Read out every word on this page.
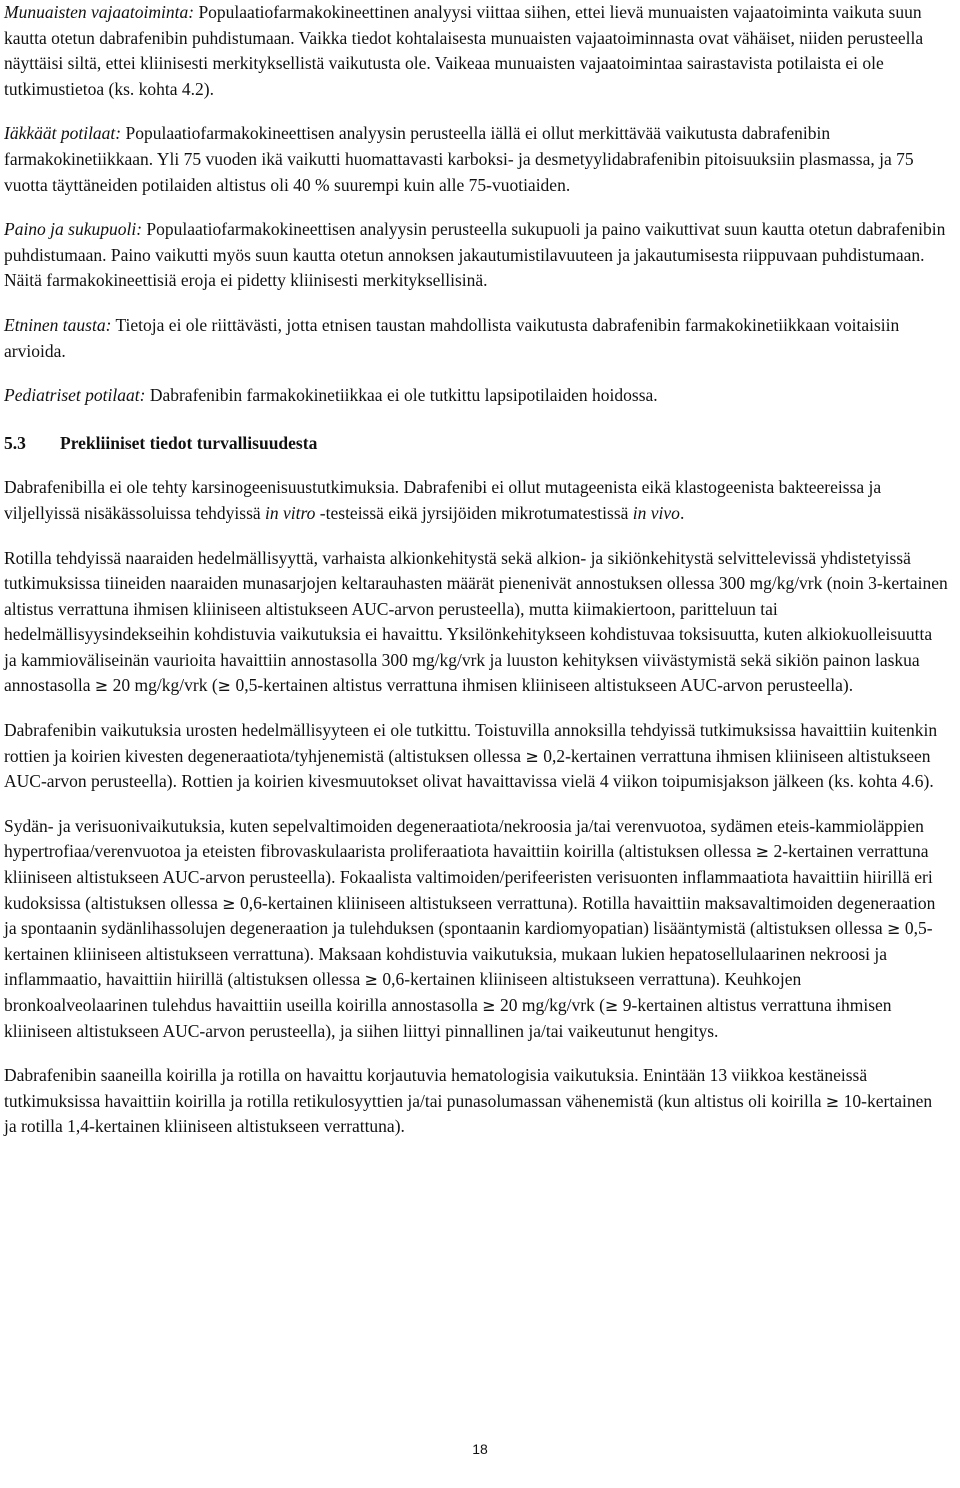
Munuaisten vajaatoiminta: Populaatiofarmakokineettinen analyysi viittaa siihen, ettei lievä munuaisten vajaatoiminta vaikuta suun kautta otetun dabrafenibin puhdistumaan. Vaikka tiedot kohtalaisesta munuaisten vajaatoiminnasta ovat vähäiset, niiden perusteella näyttäisi siltä, ettei kliinisesti merkityksellistä vaikutusta ole. Vaikeaa munuaisten vajaatoimintaa sairastavista potilaista ei ole tutkimustietoa (ks. kohta 4.2).

Iäkkäät potilaat: Populaatiofarmakokineettisen analyysin perusteella iällä ei ollut merkittävää vaikutusta dabrafenibin farmakokinetiikkaan. Yli 75 vuoden ikä vaikutti huomattavasti karboksi- ja desmetyylidabrafenibin pitoisuuksiin plasmassa, ja 75 vuotta täyttäneiden potilaiden altistus oli 40 % suurempi kuin alle 75-vuotiaiden.

Paino ja sukupuoli: Populaatiofarmakokineettisen analyysin perusteella sukupuoli ja paino vaikuttivat suun kautta otetun dabrafenibin puhdistumaan. Paino vaikutti myös suun kautta otetun annoksen jakautumistilavuuteen ja jakautumisesta riippuvaan puhdistumaan. Näitä farmakokineettisiä eroja ei pidetty kliinisesti merkityksellisinä.

Etninen tausta: Tietoja ei ole riittävästi, jotta etnisen taustan mahdollista vaikutusta dabrafenibin farmakokinetiikkaan voitaisiin arvioida.

Pediatriset potilaat: Dabrafenibin farmakokinetiikkaa ei ole tutkittu lapsipotilaiden hoidossa.

5.3 Prekliiniset tiedot turvallisuudesta

Dabrafenibilla ei ole tehty karsinogeenisuustutkimuksia. Dabrafenibi ei ollut mutageenista eikä klastogeenista bakteereissa ja viljellyissä nisäkässoluissa tehdyissä in vitro -testeissä eikä jyrsijöiden mikrotumatestissä in vivo.

Rotilla tehdyissä naaraiden hedelmällisyyttä, varhaista alkionkehitystä sekä alkion- ja sikiönkehitystä selvittelevissä yhdistetyissä tutkimuksissa tiineiden naaraiden munasarjojen keltarauhasten määrät pienenivät annostuksen ollessa 300 mg/kg/vrk (noin 3-kertainen altistus verrattuna ihmisen kliiniseen altistukseen AUC-arvon perusteella), mutta kiimakiertoon, paritteluun tai hedelmällisyysindekseihin kohdistuvia vaikutuksia ei havaittu. Yksilönkehitykseen kohdistuvaa toksisuutta, kuten alkiokuolleisuutta ja kammioväliseinän vaurioita havaittiin annostasolla 300 mg/kg/vrk ja luuston kehityksen viivästymistä sekä sikiön painon laskua annostasolla ≥ 20 mg/kg/vrk (≥ 0,5-kertainen altistus verrattuna ihmisen kliiniseen altistukseen AUC-arvon perusteella).

Dabrafenibin vaikutuksia urosten hedelmällisyyteen ei ole tutkittu. Toistuvilla annoksilla tehdyissä tutkimuksissa havaittiin kuitenkin rottien ja koirien kivesten degeneraatiota/tyhjenemistä (altistuksen ollessa ≥ 0,2-kertainen verrattuna ihmisen kliiniseen altistukseen AUC-arvon perusteella). Rottien ja koirien kivesmuutokset olivat havaittavissa vielä 4 viikon toipumisjakson jälkeen (ks. kohta 4.6).

Sydän- ja verisuonivaikutuksia, kuten sepelvaltimoiden degeneraatiota/nekroosia ja/tai verenvuotoa, sydämen eteis-kammioläppien hypertrofiaa/verenvuotoa ja eteisten fibrovaskulaarista proliferaatiota havaittiin koirilla (altistuksen ollessa ≥ 2-kertainen verrattuna kliiniseen altistukseen AUC-arvon perusteella). Fokaalista valtimoiden/perifeeristen verisuonten inflammaatiota havaittiin hiirillä eri kudoksissa (altistuksen ollessa ≥ 0,6-kertainen kliiniseen altistukseen verrattuna). Rotilla havaittiin maksavaltimoiden degeneraation ja spontaanin sydänlihassolujen degeneraation ja tulehduksen (spontaanin kardiomyopatian) lisääntymistä (altistuksen ollessa ≥ 0,5-kertainen kliiniseen altistukseen verrattuna). Maksaan kohdistuvia vaikutuksia, mukaan lukien hepatosellulaarinen nekroosi ja inflammaatio, havaittiin hiirillä (altistuksen ollessa ≥ 0,6-kertainen kliiniseen altistukseen verrattuna). Keuhkojen bronkoalveolaarinen tulehdus havaittiin useilla koirilla annostasolla ≥ 20 mg/kg/vrk (≥ 9-kertainen altistus verrattuna ihmisen kliiniseen altistukseen AUC-arvon perusteella), ja siihen liittyi pinnallinen ja/tai vaikeutunut hengitys.

Dabrafenibin saaneilla koirilla ja rotilla on havaittu korjautuvia hematologisia vaikutuksia. Enintään 13 viikkoa kestäneissä tutkimuksissa havaittiin koirilla ja rotilla retikulosyyttien ja/tai punasolumassan vähenemistä (kun altistus oli koirilla ≥ 10-kertainen ja rotilla 1,4-kertainen kliiniseen altistukseen verrattuna).

18
